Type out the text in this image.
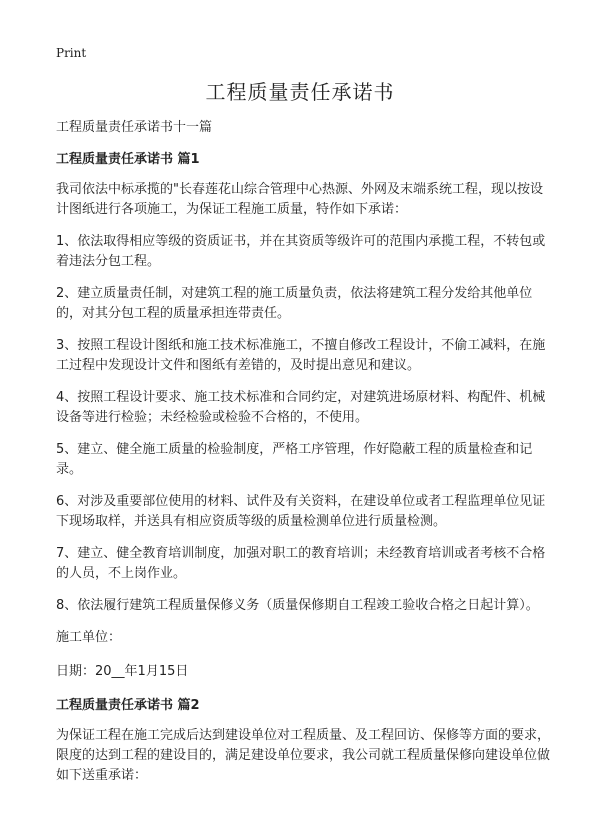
Print
工程质量责任承诺书

工程质量责任承诺书十一篇

工程质量责任承诺书 篇1

我司依法中标承揽的"长春莲花山综合管理中心热源、外网及末端系统工程，现以按设计图纸进行各项施工，为保证工程施工质量，特作如下承诺：

1、依法取得相应等级的资质证书，并在其资质等级许可的范围内承揽工程，不转包或着违法分包工程。

2、建立质量责任制，对建筑工程的施工质量负责，依法将建筑工程分发给其他单位的，对其分包工程的质量承担连带责任。

3、按照工程设计图纸和施工技术标准施工，不擅自修改工程设计，不偷工减料，在施工过程中发现设计文件和图纸有差错的，及时提出意见和建议。

4、按照工程设计要求、施工技术标准和合同约定，对建筑进场原材料、构配件、机械设备等进行检验；未经检验或检验不合格的，不使用。

5、建立、健全施工质量的检验制度，严格工序管理，作好隐蔽工程的质量检查和记录。

6、对涉及重要部位使用的材料、试件及有关资料，在建设单位或者工程监理单位见证下现场取样，并送具有相应资质等级的质量检测单位进行质量检测。

7、建立、健全教育培训制度，加强对职工的教育培训；未经教育培训或者考核不合格的人员，不上岗作业。

8、依法履行建筑工程质量保修义务（质量保修期自工程竣工验收合格之日起计算）。

施工单位：

日期：20__年1月15日

工程质量责任承诺书 篇2

为保证工程在施工完成后达到建设单位对工程质量、及工程回访、保修等方面的要求，限度的达到工程的建设目的，满足建设单位要求，我公司就工程质量保修向建设单位做如下送重承诺：
